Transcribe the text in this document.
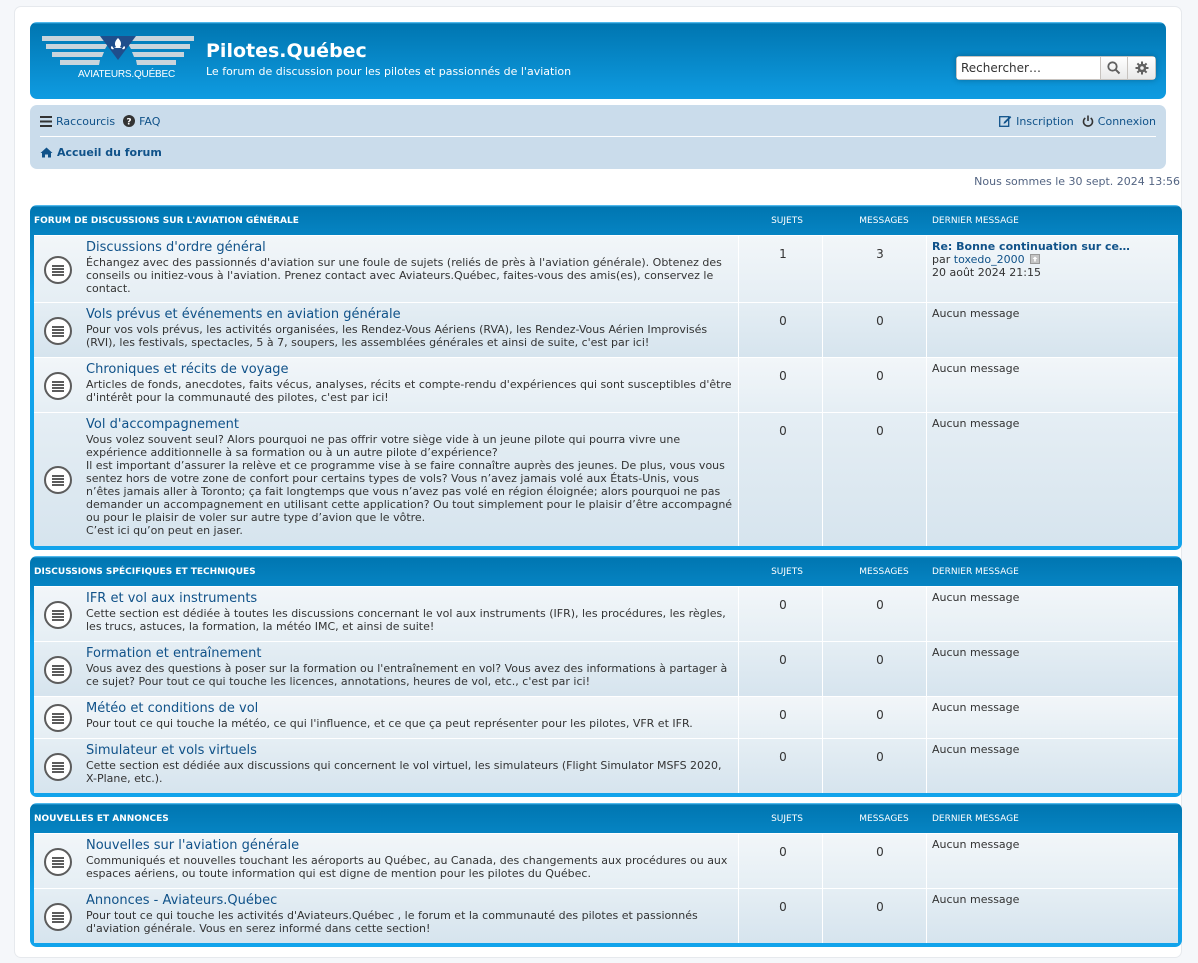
AVIATEURS.QUÉBEC
Pilotes.Québec

Le forum de discussion pour les pilotes et passionnés de l'aviation

Rechercher…
Raccourcis ? FAQ	Inscription Connexion
Accueil du forum
Nous sommes le 30 sept. 2024 13:56
FORUM DE DISCUSSIONS SUR L'AVIATION GÉNÉRALE	SUJETS	MESSAGES	DERNIER MESSAGE
Discussions d'ordre général
Échangez avec des passionnés d'aviation sur une foule de sujets (reliés de près à l'aviation générale). Obtenez des conseils ou initiez-vous à l'aviation. Prenez contact avec Aviateurs.Québec, faites-vous des amis(es), conservez le contact.
1	3
Re: Bonne continuation sur ce…
par toxedo_2000
20 août 2024 21:15
Vols prévus et événements en aviation générale
Pour vos vols prévus, les activités organisées, les Rendez-Vous Aériens (RVA), les Rendez-Vous Aérien Improvisés (RVI), les festivals, spectacles, 5 à 7, soupers, les assemblées générales et ainsi de suite, c'est par ici!
0	0
Aucun message
Chroniques et récits de voyage
Articles de fonds, anecdotes, faits vécus, analyses, récits et compte-rendu d'expériences qui sont susceptibles d'être d'intérêt pour la communauté des pilotes, c'est par ici!
0	0
Aucun message
Vol d'accompagnement
Vous volez souvent seul? Alors pourquoi ne pas offrir votre siège vide à un jeune pilote qui pourra vivre une expérience additionnelle à sa formation ou à un autre pilote d’expérience?
Il est important d’assurer la relève et ce programme vise à se faire connaître auprès des jeunes. De plus, vous vous sentez hors de votre zone de confort pour certains types de vols? Vous n’avez jamais volé aux États-Unis, vous n’êtes jamais aller à Toronto; ça fait longtemps que vous n’avez pas volé en région éloignée; alors pourquoi ne pas demander un accompagnement en utilisant cette application? Ou tout simplement pour le plaisir d’être accompagné ou pour le plaisir de voler sur autre type d’avion que le vôtre.
C’est ici qu’on peut en jaser.
0	0
Aucun message
DISCUSSIONS SPÉCIFIQUES ET TECHNIQUES	SUJETS	MESSAGES	DERNIER MESSAGE
IFR et vol aux instruments
Cette section est dédiée à toutes les discussions concernant le vol aux instruments (IFR), les procédures, les règles, les trucs, astuces, la formation, la météo IMC, et ainsi de suite!
0	0
Aucun message
Formation et entraînement
Vous avez des questions à poser sur la formation ou l'entraînement en vol? Vous avez des informations à partager à ce sujet? Pour tout ce qui touche les licences, annotations, heures de vol, etc., c'est par ici!
0	0
Aucun message
Météo et conditions de vol
Pour tout ce qui touche la météo, ce qui l'influence, et ce que ça peut représenter pour les pilotes, VFR et IFR.
0	0
Aucun message
Simulateur et vols virtuels
Cette section est dédiée aux discussions qui concernent le vol virtuel, les simulateurs (Flight Simulator MSFS 2020, X-Plane, etc.).
0	0
Aucun message
NOUVELLES ET ANNONCES	SUJETS	MESSAGES	DERNIER MESSAGE
Nouvelles sur l'aviation générale
Communiqués et nouvelles touchant les aéroports au Québec, au Canada, des changements aux procédures ou aux espaces aériens, ou toute information qui est digne de mention pour les pilotes du Québec.
0	0
Aucun message
Annonces - Aviateurs.Québec
Pour tout ce qui touche les activités d'Aviateurs.Québec , le forum et la communauté des pilotes et passionnés d'aviation générale. Vous en serez informé dans cette section!
0	0
Aucun message
